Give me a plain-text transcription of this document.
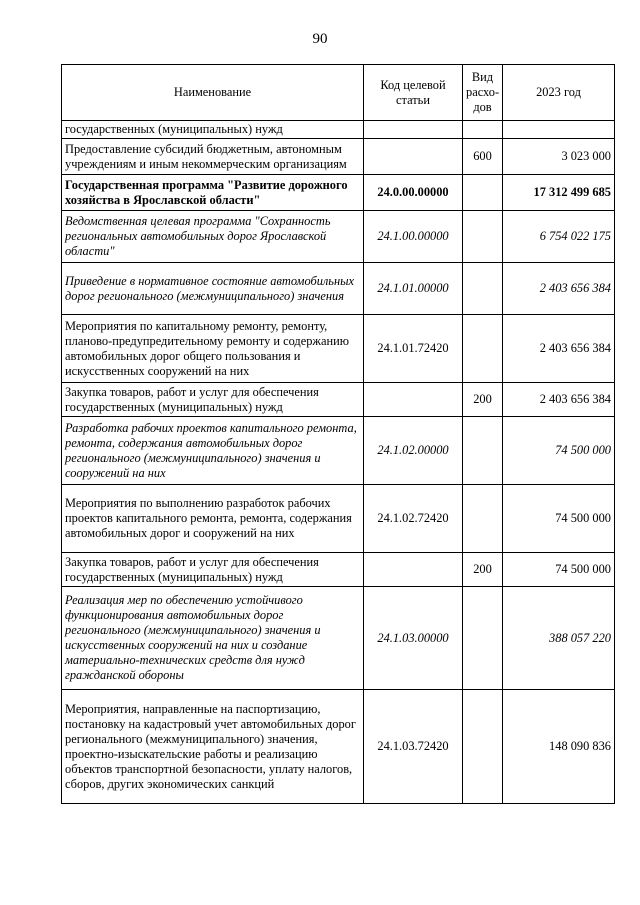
90
Наименование	Код целевой статьи	Вид расхо-дов	2023 год
государственных (муниципальных) нужд			
Предоставление субсидий бюджетным, автономным учреждениям и иным некоммерческим организациям		600	3 023 000
Государственная программа "Развитие дорожного хозяйства в Ярославской области"	24.0.00.00000		17 312 499 685
Ведомственная целевая программа "Сохранность региональных автомобильных дорог Ярославской области"	24.1.00.00000		6 754 022 175
Приведение в нормативное состояние автомобильных дорог регионального (межмуниципального) значения	24.1.01.00000		2 403 656 384
Мероприятия по капитальному ремонту, ремонту, планово-предупредительному ремонту и содержанию автомобильных дорог общего пользования и искусственных сооружений на них	24.1.01.72420		2 403 656 384
Закупка товаров, работ и услуг для обеспечения государственных (муниципальных) нужд		200	2 403 656 384
Разработка рабочих проектов капитального ремонта, ремонта, содержания автомобильных дорог регионального (межмуниципального) значения и сооружений на них	24.1.02.00000		74 500 000
Мероприятия по выполнению разработок рабочих проектов капитального ремонта, ремонта, содержания автомобильных дорог и сооружений на них	24.1.02.72420		74 500 000
Закупка товаров, работ и услуг для обеспечения государственных (муниципальных) нужд		200	74 500 000
Реализация мер по обеспечению устойчивого функционирования автомобильных дорог регионального (межмуниципального) значения и искусственных сооружений на них и создание материально-технических средств для нужд гражданской обороны	24.1.03.00000		388 057 220
Мероприятия, направленные на паспортизацию, постановку на кадастровый учет автомобильных дорог регионального (межмуниципального) значения, проектно-изыскательские работы и реализацию объектов транспортной безопасности, уплату налогов, сборов, других экономических санкций	24.1.03.72420		148 090 836
